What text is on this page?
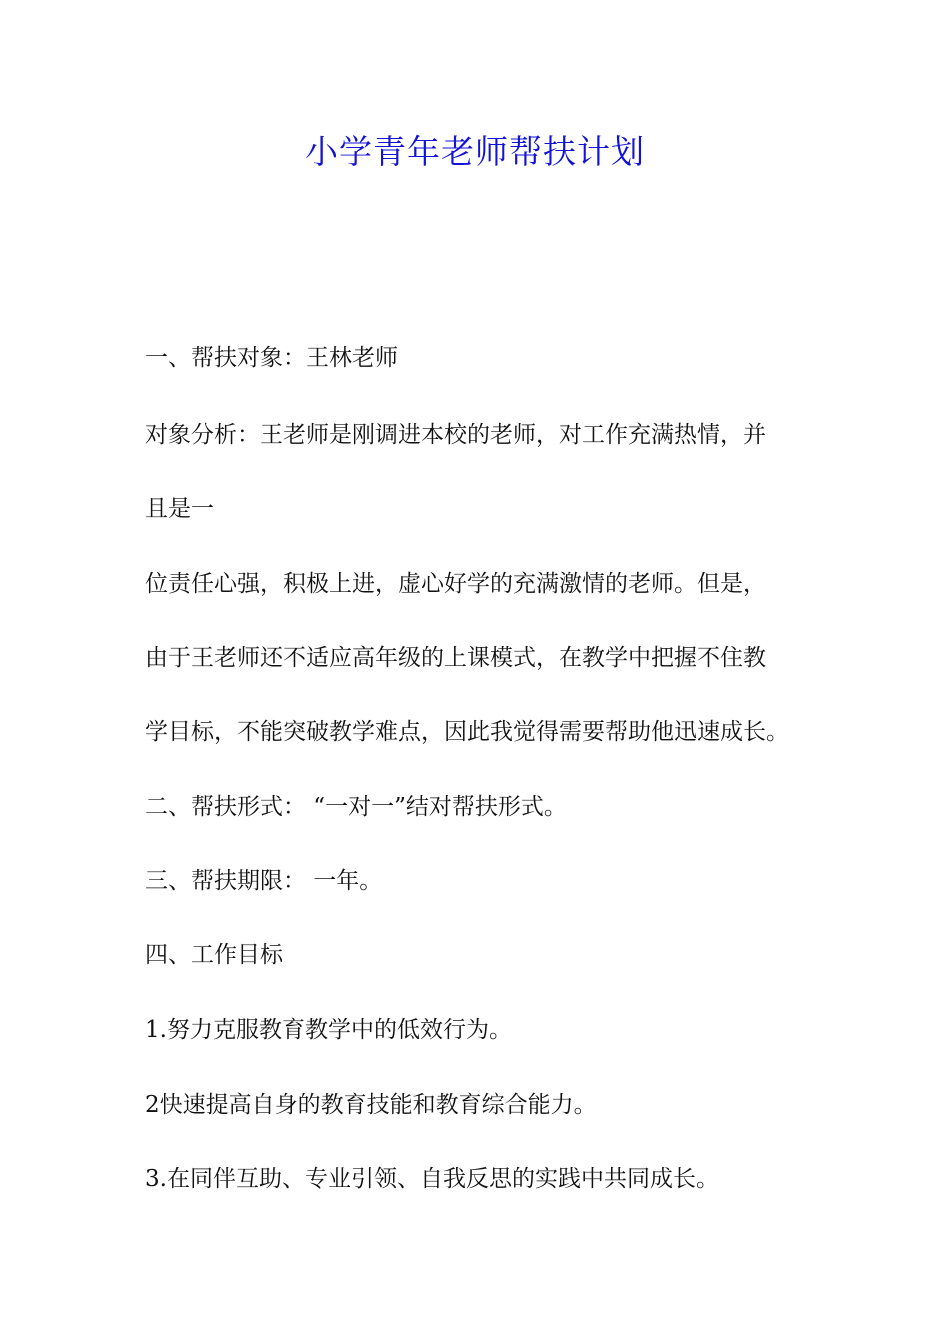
小学青年老师帮扶计划
一、帮扶对象：王林老师
对象分析：王老师是刚调进本校的老师，对工作充满热情，并
且是一
位责任心强，积极上进，虚心好学的充满激情的老师。但是，
由于王老师还不适应高年级的上课模式，在教学中把握不住教
学目标，不能突破教学难点，因此我觉得需要帮助他迅速成长。
二、帮扶形式： “一对一”结对帮扶形式。
三、帮扶期限： 一年。
四、工作目标
1.努力克服教育教学中的低效行为。
2快速提高自身的教育技能和教育综合能力。
3.在同伴互助、专业引领、自我反思的实践中共同成长。
